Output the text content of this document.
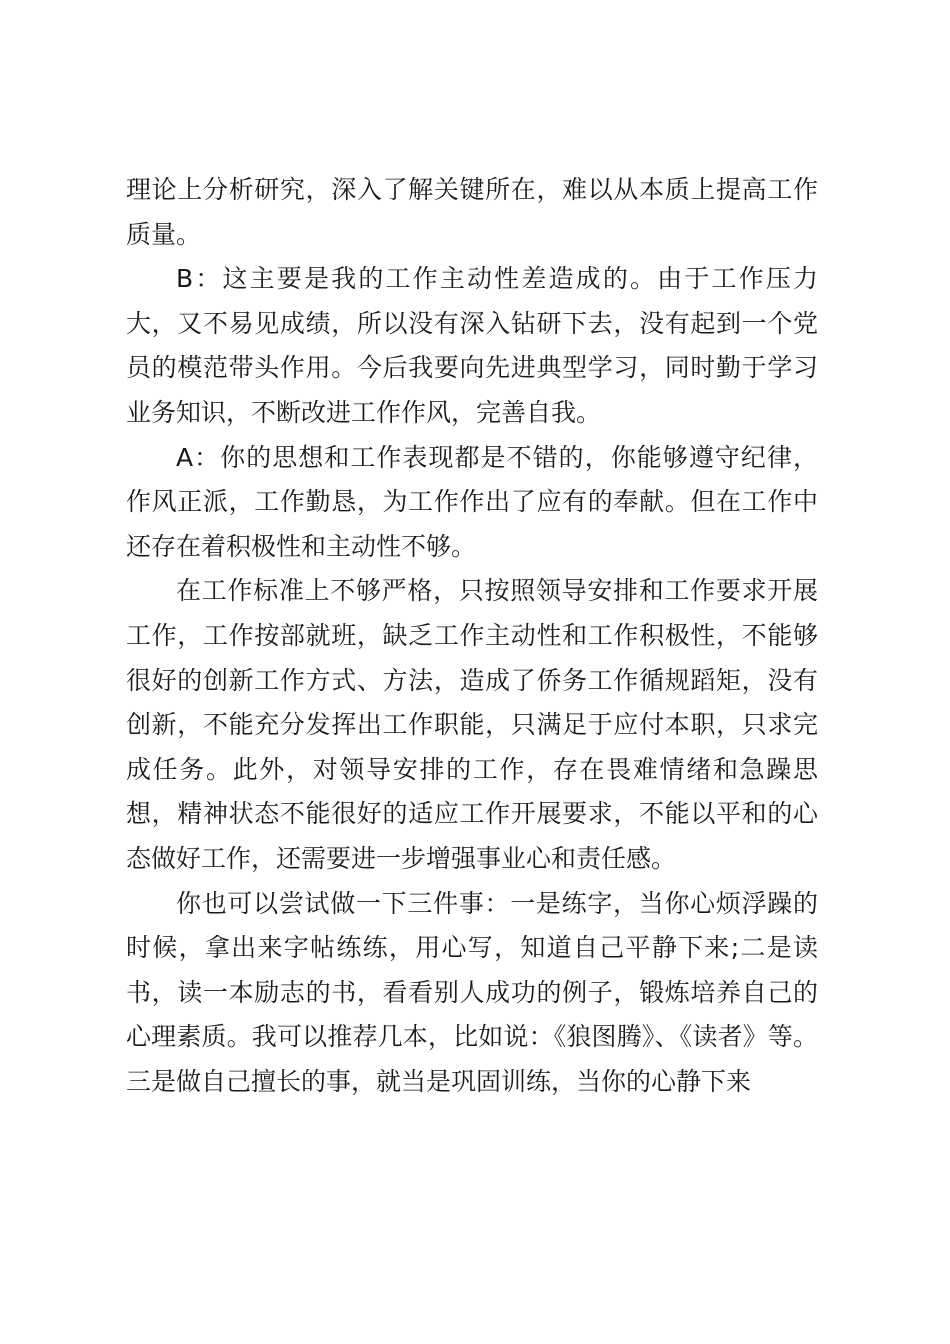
理论上分析研究，深入了解关键所在，难以从本质上提高工作质量。

B：这主要是我的工作主动性差造成的。由于工作压力大，又不易见成绩，所以没有深入钻研下去，没有起到一个党员的模范带头作用。今后我要向先进典型学习，同时勤于学习业务知识，不断改进工作作风，完善自我。

A：你的思想和工作表现都是不错的，你能够遵守纪律，作风正派，工作勤恳，为工作作出了应有的奉献。但在工作中还存在着积极性和主动性不够。

在工作标准上不够严格，只按照领导安排和工作要求开展工作，工作按部就班，缺乏工作主动性和工作积极性，不能够很好的创新工作方式、方法，造成了侨务工作循规蹈矩，没有创新，不能充分发挥出工作职能，只满足于应付本职，只求完成任务。此外，对领导安排的工作，存在畏难情绪和急躁思想，精神状态不能很好的适应工作开展要求，不能以平和的心态做好工作，还需要进一步增强事业心和责任感。

你也可以尝试做一下三件事：一是练字，当你心烦浮躁的时候，拿出来字帖练练，用心写，知道自己平静下来;二是读书，读一本励志的书，看看别人成功的例子，锻炼培养自己的心理素质。我可以推荐几本，比如说：《狼图腾》、《读者》等。三是做自己擅长的事，就当是巩固训练，当你的心静下来
